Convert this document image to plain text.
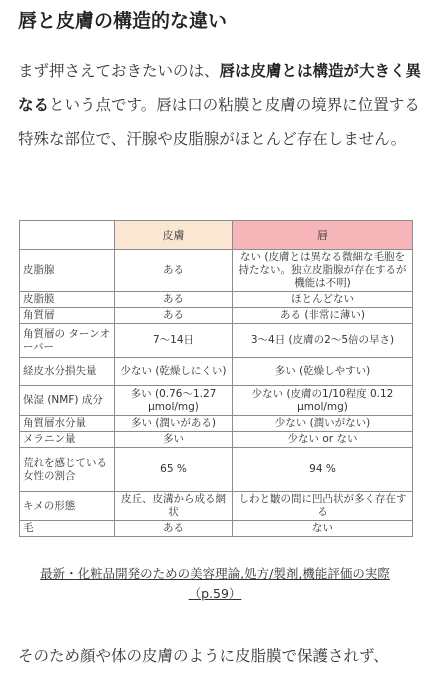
唇と皮膚の構造的な違い
まず押さえておきたいのは、唇は皮膚とは構造が大きく異なるという点です。唇は口の粘膜と皮膚の境界に位置する特殊な部位で、汗腺や皮脂腺がほとんど存在しません。
	皮膚	唇
皮脂腺	ある	ない (皮膚とは異なる微細な毛胞を持たない。独立皮脂腺が存在するが機能は不明)
皮脂膜	ある	ほとんどない
角質層	ある	ある (非常に薄い)
角質層の ターンオーバー	7～14日	3～4日 (皮膚の2～5倍の早さ)
経皮水分損失量	少ない (乾燥しにくい)	多い (乾燥しやすい)
保湿 (NMF) 成分	多い (0.76～1.27 μmol/mg)	少ない (皮膚の1/10程度 0.12 μmol/mg)
角質層水分量	多い (潤いがある)	少ない (潤いがない)
メラニン量	多い	少ない or ない
荒れを感じている 女性の割合	65 %	94 %
キメの形態	皮丘、皮溝から成る網状	しわと皺の間に凹凸状が多く存在する
毛	ある	ない
最新・化粧品開発のための美容理論,処方/製剤,機能評価の実際
（p.59）
そのため顔や体の皮膚のように皮脂膜で保護されず、
